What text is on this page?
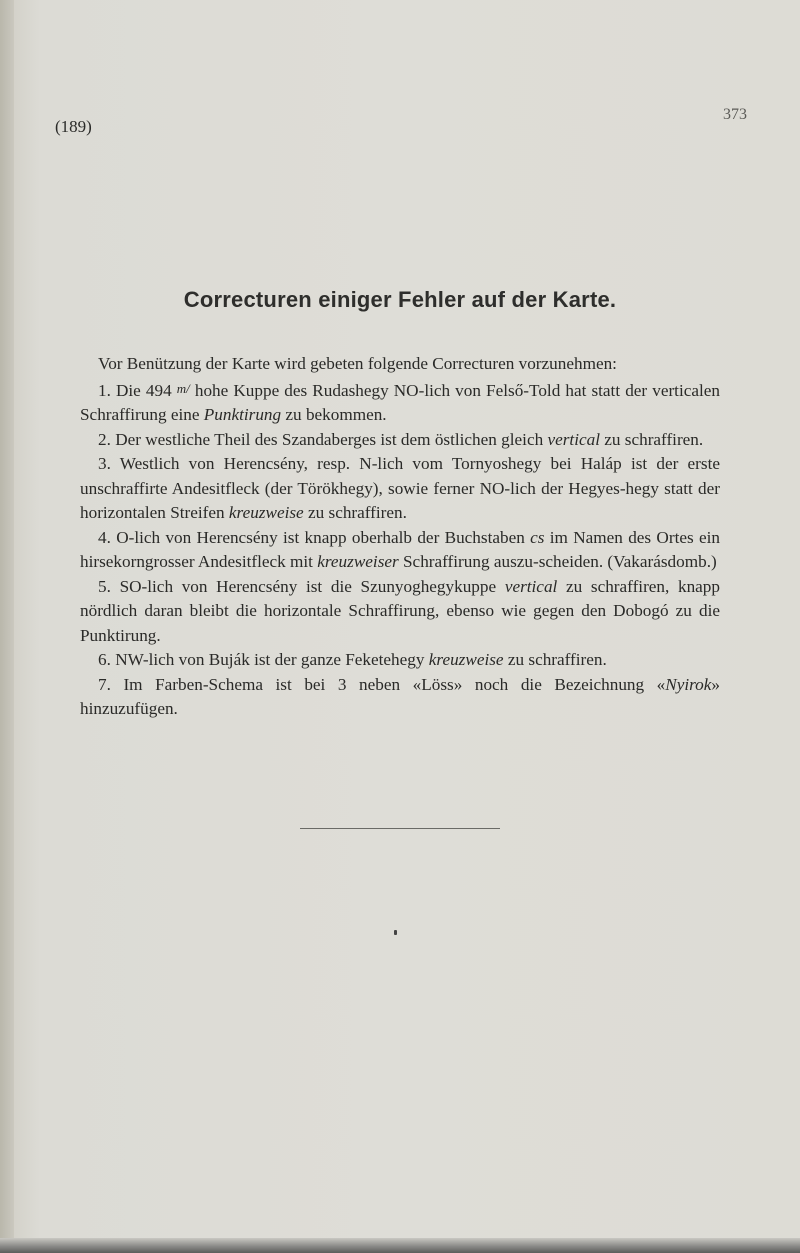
(189)
373
Correcturen einiger Fehler auf der Karte.

Vor Benützung der Karte wird gebeten folgende Correcturen vorzunehmen:

1. Die 494 m/ hohe Kuppe des Rudashegy NO-lich von Felső-Told hat statt der verticalen Schraffirung eine Punktirung zu bekommen.

2. Der westliche Theil des Szandaberges ist dem östlichen gleich vertical zu schraffiren.

3. Westlich von Herencsény, resp. N-lich vom Tornyoshegy bei Haláp ist der erste unschraffirte Andesitfleck (der Törökhegy), sowie ferner NO-lich der Hegyes-hegy statt der horizontalen Streifen kreuzweise zu schraffiren.

4. O-lich von Herencsény ist knapp oberhalb der Buchstaben cs im Namen des Ortes ein hirsekorngrosser Andesitfleck mit kreuzweiser Schraffirung auszu-scheiden. (Vakarásdomb.)

5. SO-lich von Herencsény ist die Szunyoghegykuppe vertical zu schraffiren, knapp nördlich daran bleibt die horizontale Schraffirung, ebenso wie gegen den Dobogó zu die Punktirung.

6. NW-lich von Buják ist der ganze Feketehegy kreuzweise zu schraffiren.

7. Im Farben-Schema ist bei 3 neben «Löss» noch die Bezeichnung «Nyirok» hinzuzufügen.
